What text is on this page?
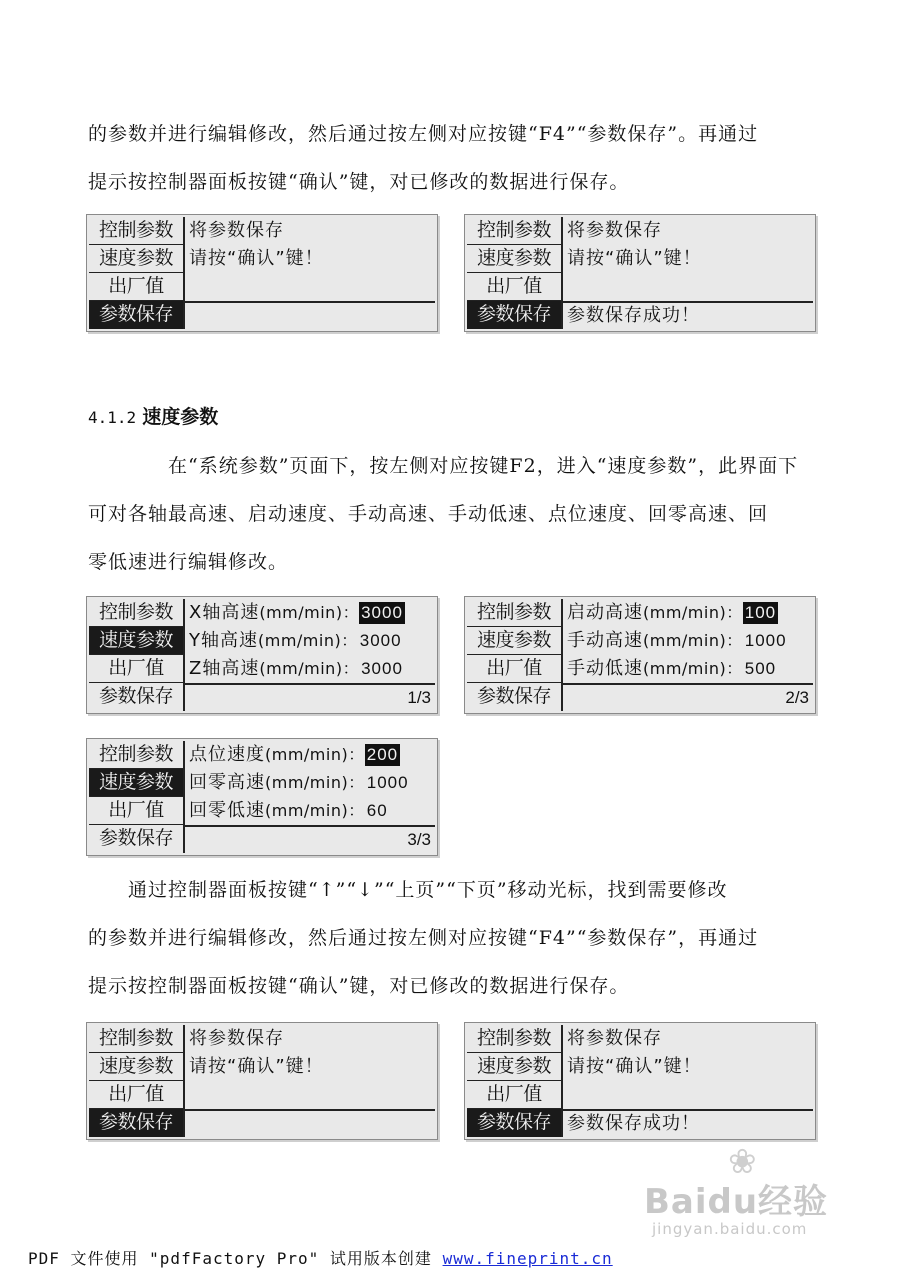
的参数并进行编辑修改，然后通过按左侧对应按键“F4”“参数保存”。再通过
提示按控制器面板按键“确认”键，对已修改的数据进行保存。

控制参数
速度参数
出厂值
参数保存
将参数保存
请按“确认”键！
控制参数
速度参数
出厂值
参数保存
将参数保存
请按“确认”键！
参数保存成功！
4.1.2 速度参数

在“系统参数”页面下，按左侧对应按键F2，进入“速度参数”，此界面下
可对各轴最高速、启动速度、手动高速、手动低速、点位速度、回零高速、回
零低速进行编辑修改。

控制参数
速度参数
出厂值
参数保存
X轴高速(mm/min)： 3000
Y轴高速(mm/min)： 3000
Z轴高速(mm/min)： 3000
1/3
控制参数
速度参数
出厂值
参数保存
启动高速(mm/min)： 100
手动高速(mm/min)： 1000
手动低速(mm/min)： 500
2/3
控制参数
速度参数
出厂值
参数保存
点位速度(mm/min)： 200
回零高速(mm/min)： 1000
回零低速(mm/min)： 60
3/3

通过控制器面板按键“↑”“↓”“上页”“下页”移动光标，找到需要修改
的参数并进行编辑修改，然后通过按左侧对应按键“F4”“参数保存”，再通过
提示按控制器面板按键“确认”键，对已修改的数据进行保存。

控制参数
速度参数
出厂值
参数保存
将参数保存
请按“确认”键！
控制参数
速度参数
出厂值
参数保存
将参数保存
请按“确认”键！
参数保存成功！
❀
Baidu经验
jingyan.baidu.com
PDF 文件使用 "pdfFactory Pro" 试用版本创建 www.fineprint.cn
